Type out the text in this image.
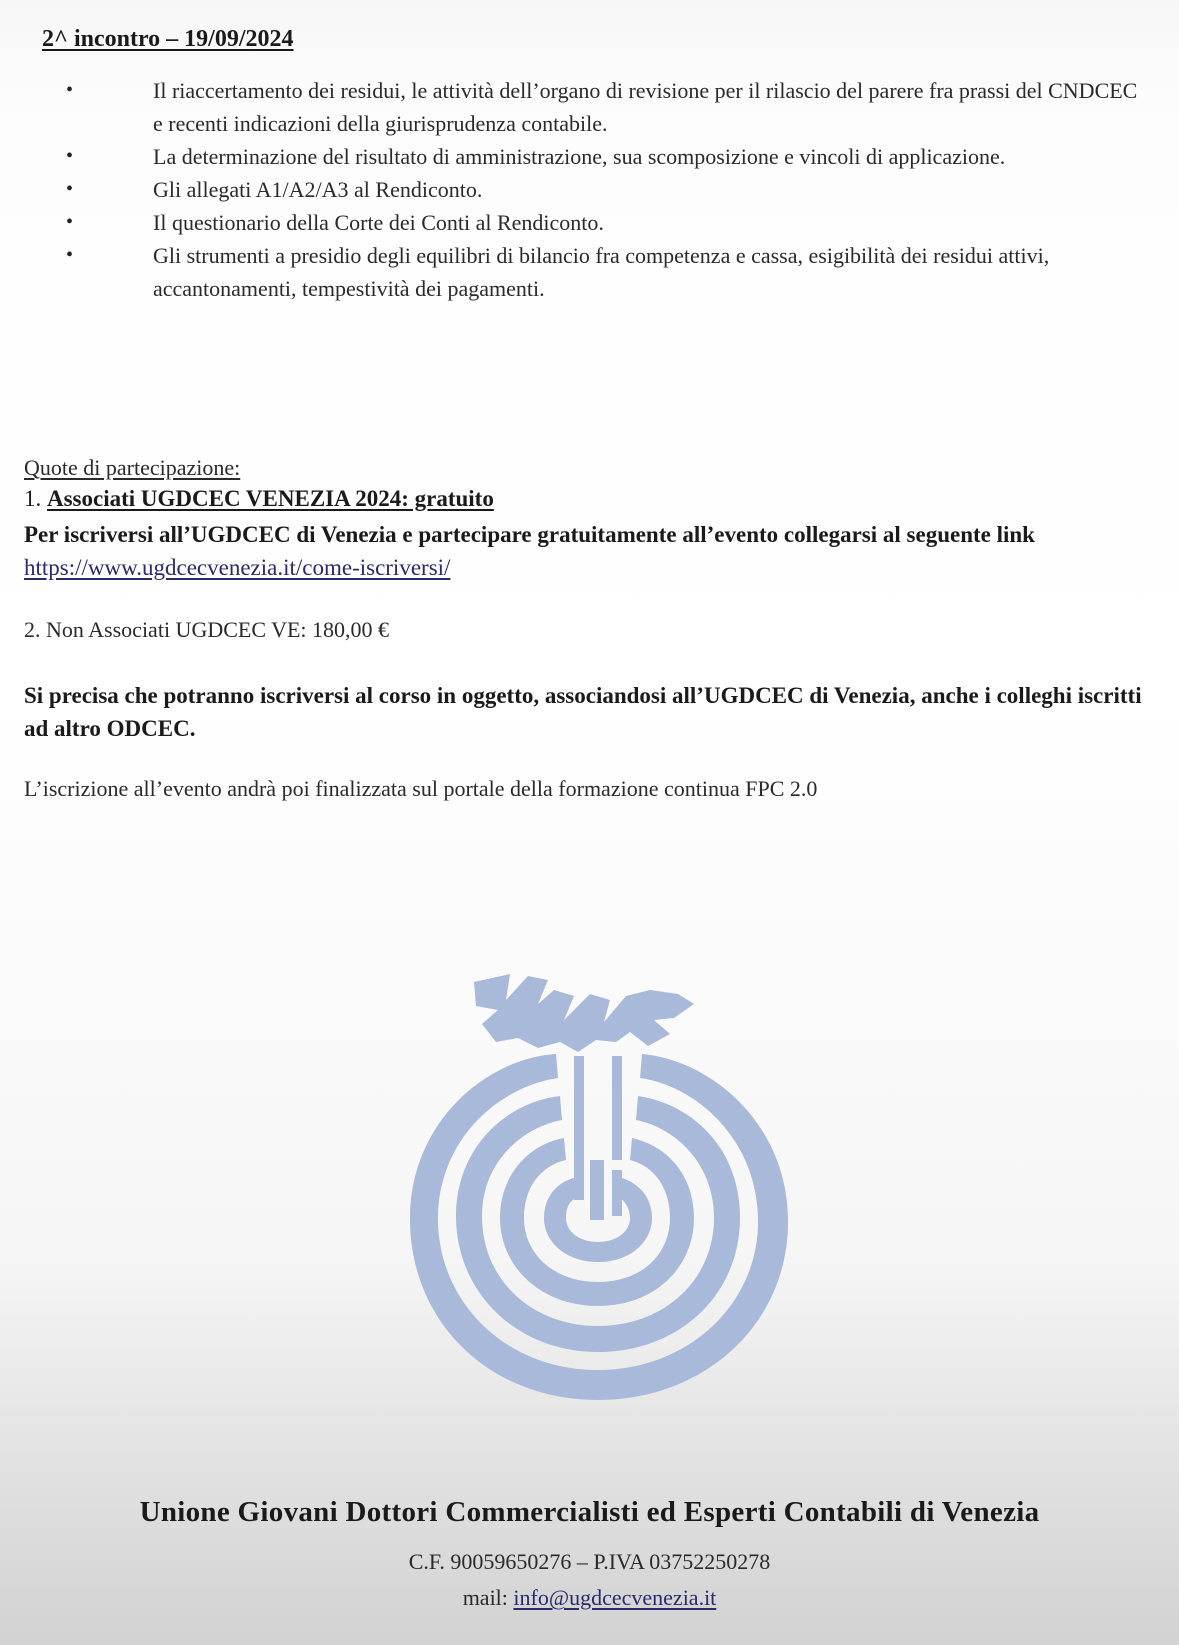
2^ incontro – 19/09/2024
•	Il riaccertamento dei residui, le attività dell’organo di revisione per il rilascio del parere fra prassi del CNDCEC e recenti indicazioni della giurisprudenza contabile.
•	La determinazione del risultato di amministrazione, sua scomposizione e vincoli di applicazione.
•	Gli allegati A1/A2/A3 al Rendiconto.
•	Il questionario della Corte dei Conti al Rendiconto.
•	Gli strumenti a presidio degli equilibri di bilancio fra competenza e cassa, esigibilità dei residui attivi, accantonamenti, tempestività dei pagamenti.
Quote di partecipazione:
1. Associati UGDCEC VENEZIA 2024: gratuito
Per iscriversi all’UGDCEC di Venezia e partecipare gratuitamente all’evento collegarsi al seguente link https://www.ugdcecvenezia.it/come-iscriversi/
2. Non Associati UGDCEC VE: 180,00 €
Si precisa che potranno iscriversi al corso in oggetto, associandosi all’UGDCEC di Venezia, anche i colleghi iscritti ad altro ODCEC.
L’iscrizione all’evento andrà poi finalizzata sul portale della formazione continua FPC 2.0
Unione Giovani Dottori Commercialisti ed Esperti Contabili di Venezia
C.F. 90059650276 – P.IVA 03752250278
mail: info@ugdcecvenezia.it
